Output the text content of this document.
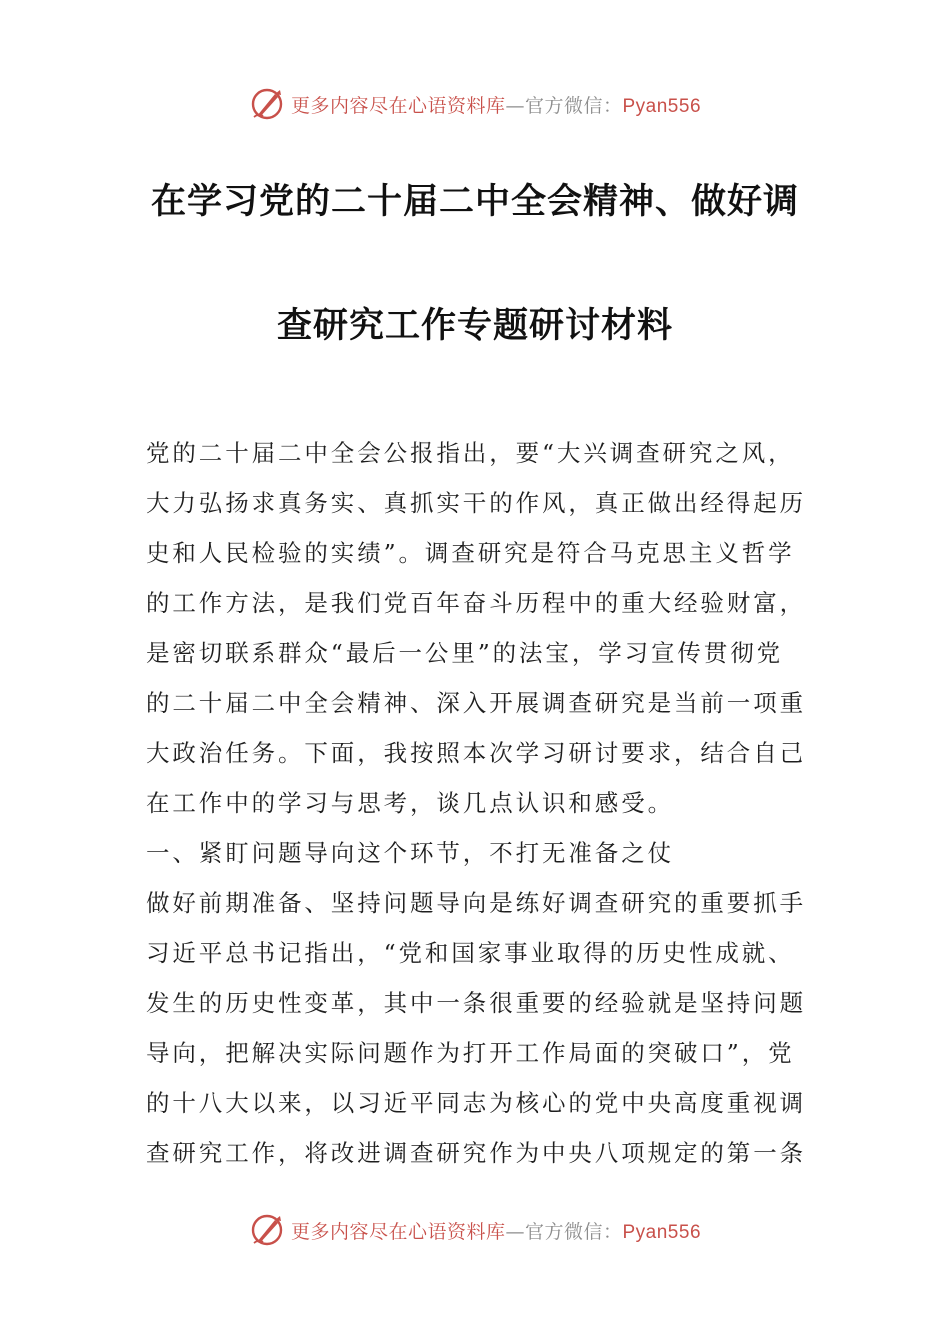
更多内容尽在心语资料库—官方微信：Pyan556
在学习党的二十届二中全会精神、做好调
查研究工作专题研讨材料
党的二十届二中全会公报指出，要“大兴调查研究之风，
大力弘扬求真务实、真抓实干的作风，真正做出经得起历
史和人民检验的实绩”。调查研究是符合马克思主义哲学
的工作方法，是我们党百年奋斗历程中的重大经验财富，
是密切联系群众“最后一公里”的法宝，学习宣传贯彻党
的二十届二中全会精神、深入开展调查研究是当前一项重
大政治任务。下面，我按照本次学习研讨要求，结合自己
在工作中的学习与思考，谈几点认识和感受。
一、紧盯问题导向这个环节，不打无准备之仗
做好前期准备、坚持问题导向是练好调查研究的重要抓手
习近平总书记指出，“党和国家事业取得的历史性成就、
发生的历史性变革，其中一条很重要的经验就是坚持问题
导向，把解决实际问题作为打开工作局面的突破口”，党
的十八大以来，以习近平同志为核心的党中央高度重视调
查研究工作，将改进调查研究作为中央八项规定的第一条
更多内容尽在心语资料库—官方微信：Pyan556
